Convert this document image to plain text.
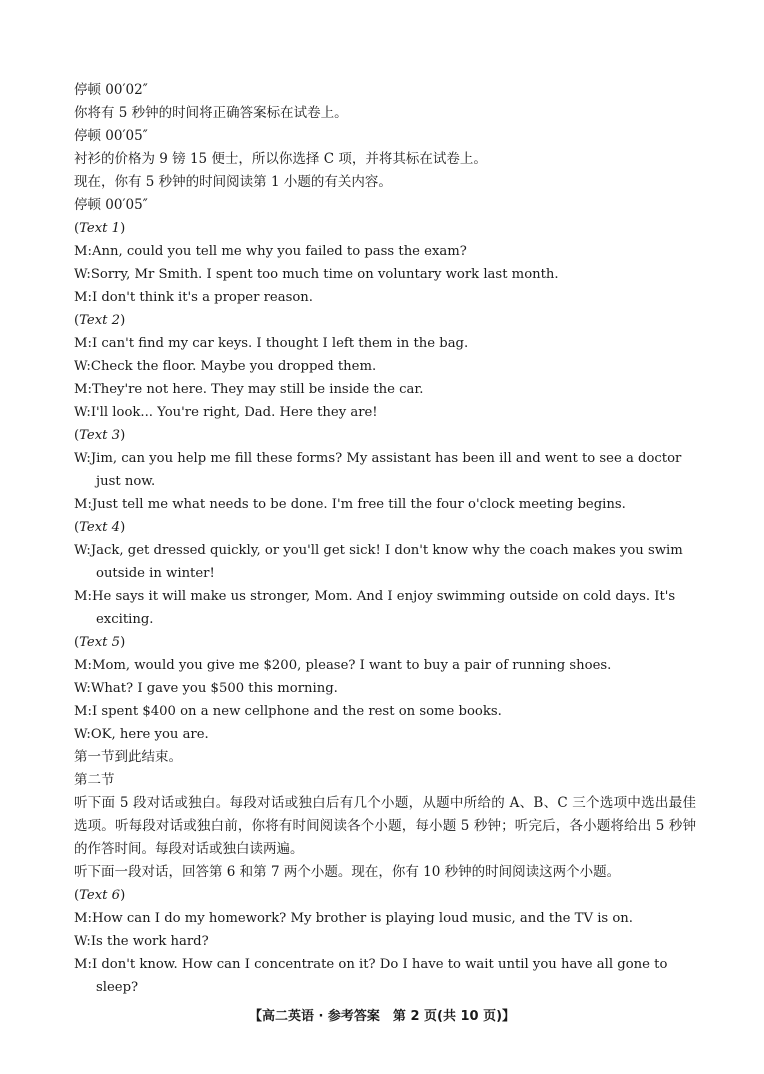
停顿 00′02″
你将有 5 秒钟的时间将正确答案标在试卷上。
停顿 00′05″
衬衫的价格为 9 镑 15 便士，所以你选择 C 项，并将其标在试卷上。
现在，你有 5 秒钟的时间阅读第 1 小题的有关内容。
停顿 00′05″
(Text 1)
M:Ann, could you tell me why you failed to pass the exam?
W:Sorry, Mr Smith. I spent too much time on voluntary work last month.
M:I don't think it's a proper reason.
(Text 2)
M:I can't find my car keys. I thought I left them in the bag.
W:Check the floor. Maybe you dropped them.
M:They're not here. They may still be inside the car.
W:I'll look... You're right, Dad. Here they are!
(Text 3)
W:Jim, can you help me fill these forms? My assistant has been ill and went to see a doctor just now.
M:Just tell me what needs to be done. I'm free till the four o'clock meeting begins.
(Text 4)
W:Jack, get dressed quickly, or you'll get sick! I don't know why the coach makes you swim outside in winter!
M:He says it will make us stronger, Mom. And I enjoy swimming outside on cold days. It's exciting.
(Text 5)
M:Mom, would you give me $200, please? I want to buy a pair of running shoes.
W:What? I gave you $500 this morning.
M:I spent $400 on a new cellphone and the rest on some books.
W:OK, here you are.
第一节到此结束。
第二节
听下面 5 段对话或独白。每段对话或独白后有几个小题，从题中所给的 A、B、C 三个选项中选出最佳选项。听每段对话或独白前，你将有时间阅读各个小题，每小题 5 秒钟；听完后，各小题将给出 5 秒钟的作答时间。每段对话或独白读两遍。
听下面一段对话，回答第 6 和第 7 两个小题。现在，你有 10 秒钟的时间阅读这两个小题。
(Text 6)
M:How can I do my homework? My brother is playing loud music, and the TV is on.
W:Is the work hard?
M:I don't know. How can I concentrate on it? Do I have to wait until you have all gone to sleep?
【高二英语 · 参考答案　第 2 页(共 10 页)】
